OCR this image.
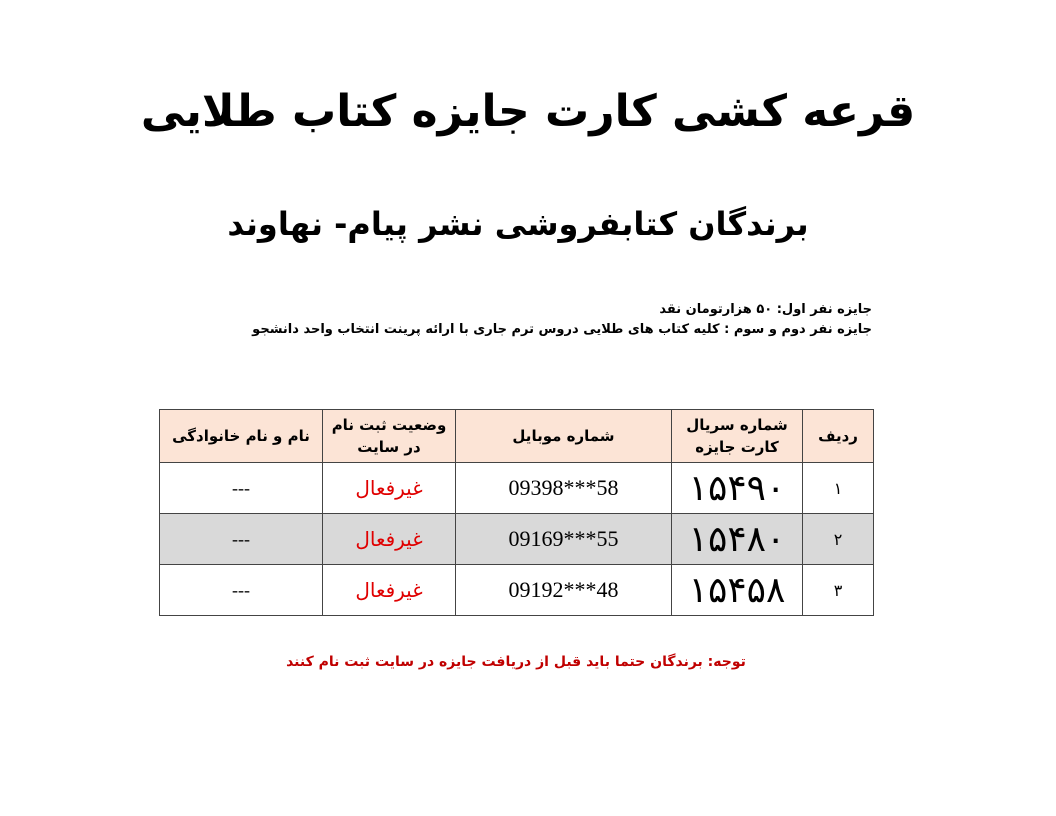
قرعه کشی کارت جایزه کتاب طلایی
برندگان کتابفروشی نشر پیام- نهاوند
جایزه نفر اول: ۵۰ هزارتومان نقد
جایزه نفر دوم و سوم : کلیه کتاب های طلایی دروس ترم جاری با ارائه پرینت انتخاب واحد دانشجو
ردیف	شماره سریال کارت جایزه	شماره موبایل	وضعیت ثبت نام در سایت	نام و نام خانوادگی
۱	۱۵۴۹۰	09398***58	غیرفعال	---
۲	۱۵۴۸۰	09169***55	غیرفعال	---
۳	۱۵۴۵۸	09192***48	غیرفعال	---
توجه: برندگان حتما باید قبل از دریافت جایزه در سایت ثبت نام کنند
